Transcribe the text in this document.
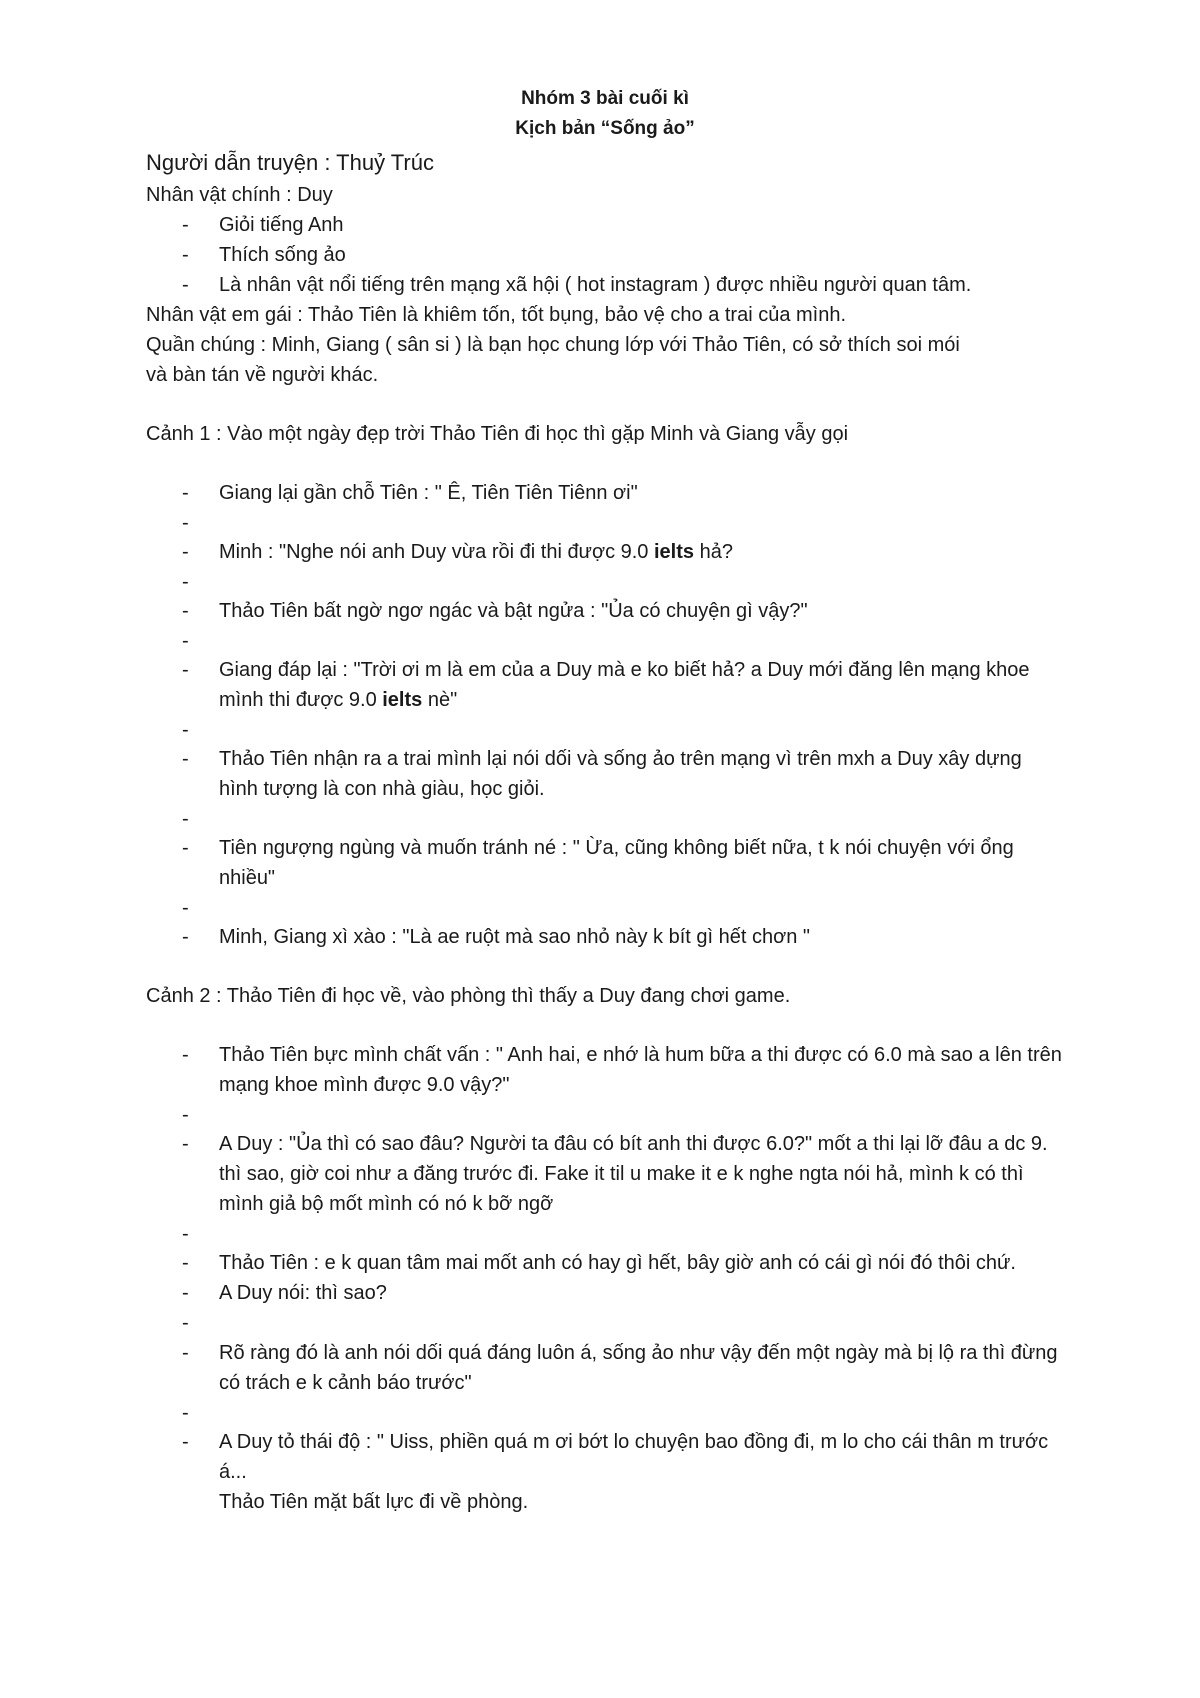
Nhóm 3 bài cuối kì

Kịch bản “Sống ảo”

Người dẫn truyện : Thuỷ Trúc

Nhân vật chính : Duy

- Giỏi tiếng Anh
- Thích sống ảo
- Là nhân vật nổi tiếng trên mạng xã hội ( hot instagram ) được nhiều người quan tâm.

Nhân vật em gái : Thảo Tiên là khiêm tốn, tốt bụng, bảo vệ cho a trai của mình.

Quần chúng : Minh, Giang ( sân si ) là bạn học chung lớp với Thảo Tiên, có sở thích soi mói

và bàn tán về người khác.

Cảnh 1 : Vào một ngày đẹp trời Thảo Tiên đi học thì gặp Minh và Giang vẫy gọi

- Giang lại gần chỗ Tiên : " Ê, Tiên Tiên Tiênn ơi"
-
- Minh : "Nghe nói anh Duy vừa rồi đi thi được 9.0 ielts hả?
-
- Thảo Tiên bất ngờ ngơ ngác và bật ngửa : "Ủa có chuyện gì vậy?"
-
- Giang đáp lại : "Trời ơi m là em của a Duy mà e ko biết hả? a Duy mới đăng lên mạng khoe mình thi được 9.0 ielts nè"
-
- Thảo Tiên nhận ra a trai mình lại nói dối và sống ảo trên mạng vì trên mxh a Duy xây dựng hình tượng là con nhà giàu, học giỏi.
-
- Tiên ngượng ngùng và muốn tránh né : " Ừa, cũng không biết nữa, t k nói chuyện với ổng nhiều"
-
- Minh, Giang xì xào : "Là ae ruột mà sao nhỏ này k bít gì hết chơn "

Cảnh 2 : Thảo Tiên đi học về, vào phòng thì thấy a Duy đang chơi game.

- Thảo Tiên bực mình chất vấn : " Anh hai, e nhớ là hum bữa a thi được có 6.0 mà sao a lên trên mạng khoe mình được 9.0 vậy?"
-
- A Duy : "Ủa thì có sao đâu? Người ta đâu có bít anh thi được 6.0?" mốt a thi lại lỡ đâu a dc 9. thì sao, giờ coi như a đăng trước đi. Fake it til u make it e k nghe ngta nói hả, mình k có thì mình giả bộ mốt mình có nó k bỡ ngỡ
-
- Thảo Tiên : e k quan tâm mai mốt anh có hay gì hết, bây giờ anh có cái gì nói đó thôi chứ.
- A Duy nói: thì sao?
-
- Rõ ràng đó là anh nói dối quá đáng luôn á, sống ảo như vậy đến một ngày mà bị lộ ra thì đừng có trách e k cảnh báo trước"
-
- A Duy tỏ thái độ : " Uiss, phiền quá m ơi bớt lo chuyện bao đồng đi, m lo cho cái thân m trước á...
Thảo Tiên mặt bất lực đi về phòng.
